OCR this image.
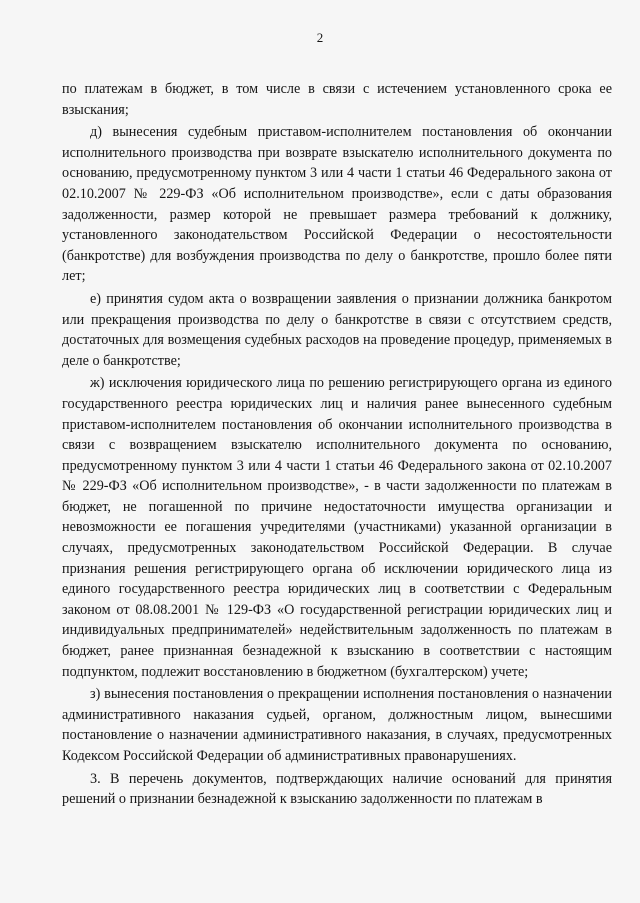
2

по платежам в бюджет, в том числе в связи с истечением установленного срока ее взыскания;

д) вынесения судебным приставом-исполнителем постановления об окончании исполнительного производства при возврате взыскателю исполнительного документа по основанию, предусмотренному пунктом 3 или 4 части 1 статьи 46 Федерального закона от 02.10.2007 № 229-ФЗ «Об исполнительном производстве», если с даты образования задолженности, размер которой не превышает размера требований к должнику, установленного законодательством Российской Федерации о несостоятельности (банкротстве) для возбуждения производства по делу о банкротстве, прошло более пяти лет;

е) принятия судом акта о возвращении заявления о признании должника банкротом или прекращения производства по делу о банкротстве в связи с отсутствием средств, достаточных для возмещения судебных расходов на проведение процедур, применяемых в деле о банкротстве;

ж) исключения юридического лица по решению регистрирующего органа из единого государственного реестра юридических лиц и наличия ранее вынесенного судебным приставом-исполнителем постановления об окончании исполнительного производства в связи с возвращением взыскателю исполнительного документа по основанию, предусмотренному пунктом 3 или 4 части 1 статьи 46 Федерального закона от 02.10.2007 № 229-ФЗ «Об исполнительном производстве», - в части задолженности по платежам в бюджет, не погашенной по причине недостаточности имущества организации и невозможности ее погашения учредителями (участниками) указанной организации в случаях, предусмотренных законодательством Российской Федерации. В случае признания решения регистрирующего органа об исключении юридического лица из единого государственного реестра юридических лиц в соответствии с Федеральным законом от 08.08.2001 № 129-ФЗ «О государственной регистрации юридических лиц и индивидуальных предпринимателей» недействительным задолженность по платежам в бюджет, ранее признанная безнадежной к взысканию в соответствии с настоящим подпунктом, подлежит восстановлению в бюджетном (бухгалтерском) учете;

з) вынесения постановления о прекращении исполнения постановления о назначении административного наказания судьей, органом, должностным лицом, вынесшими постановление о назначении административного наказания, в случаях, предусмотренных Кодексом Российской Федерации об административных правонарушениях.

3. В перечень документов, подтверждающих наличие оснований для принятия решений о признании безнадежной к взысканию задолженности по платежам в
